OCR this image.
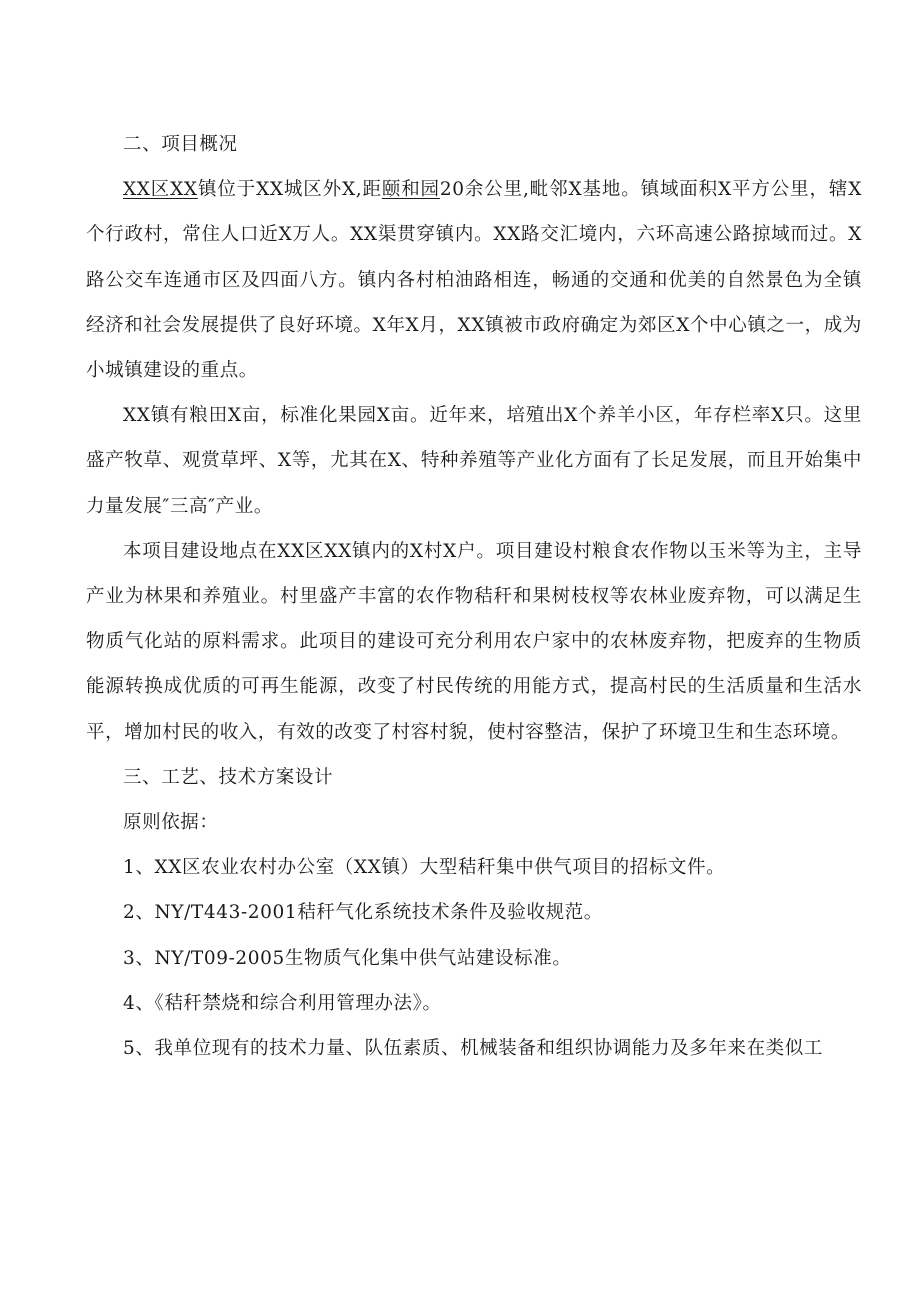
二、项目概况

XX区XX镇位于XX城区外X,距颐和园20余公里,毗邻X基地。镇域面积X平方公里，辖X个行政村，常住人口近X万人。XX渠贯穿镇内。XX路交汇境内，六环高速公路掠域而过。X路公交车连通市区及四面八方。镇内各村柏油路相连，畅通的交通和优美的自然景色为全镇经济和社会发展提供了良好环境。X年X月，XX镇被市政府确定为郊区X个中心镇之一，成为小城镇建设的重点。

XX镇有粮田X亩，标准化果园X亩。近年来，培殖出X个养羊小区，年存栏率X只。这里盛产牧草、观赏草坪、X等，尤其在X、特种养殖等产业化方面有了长足发展，而且开始集中力量发展″三高″产业。

本项目建设地点在XX区XX镇内的X村X户。项目建设村粮食农作物以玉米等为主，主导产业为林果和养殖业。村里盛产丰富的农作物秸秆和果树枝杈等农林业废弃物，可以满足生物质气化站的原料需求。此项目的建设可充分利用农户家中的农林废弃物，把废弃的生物质能源转换成优质的可再生能源，改变了村民传统的用能方式，提高村民的生活质量和生活水平，增加村民的收入，有效的改变了村容村貌，使村容整洁，保护了环境卫生和生态环境。

三、工艺、技术方案设计

原则依据：

1、XX区农业农村办公室（XX镇）大型秸秆集中供气项目的招标文件。

2、NY/T443-2001秸秆气化系统技术条件及验收规范。

3、NY/T09-2005生物质气化集中供气站建设标准。

4、《秸秆禁烧和综合利用管理办法》。

5、我单位现有的技术力量、队伍素质、机械装备和组织协调能力及多年来在类似工
